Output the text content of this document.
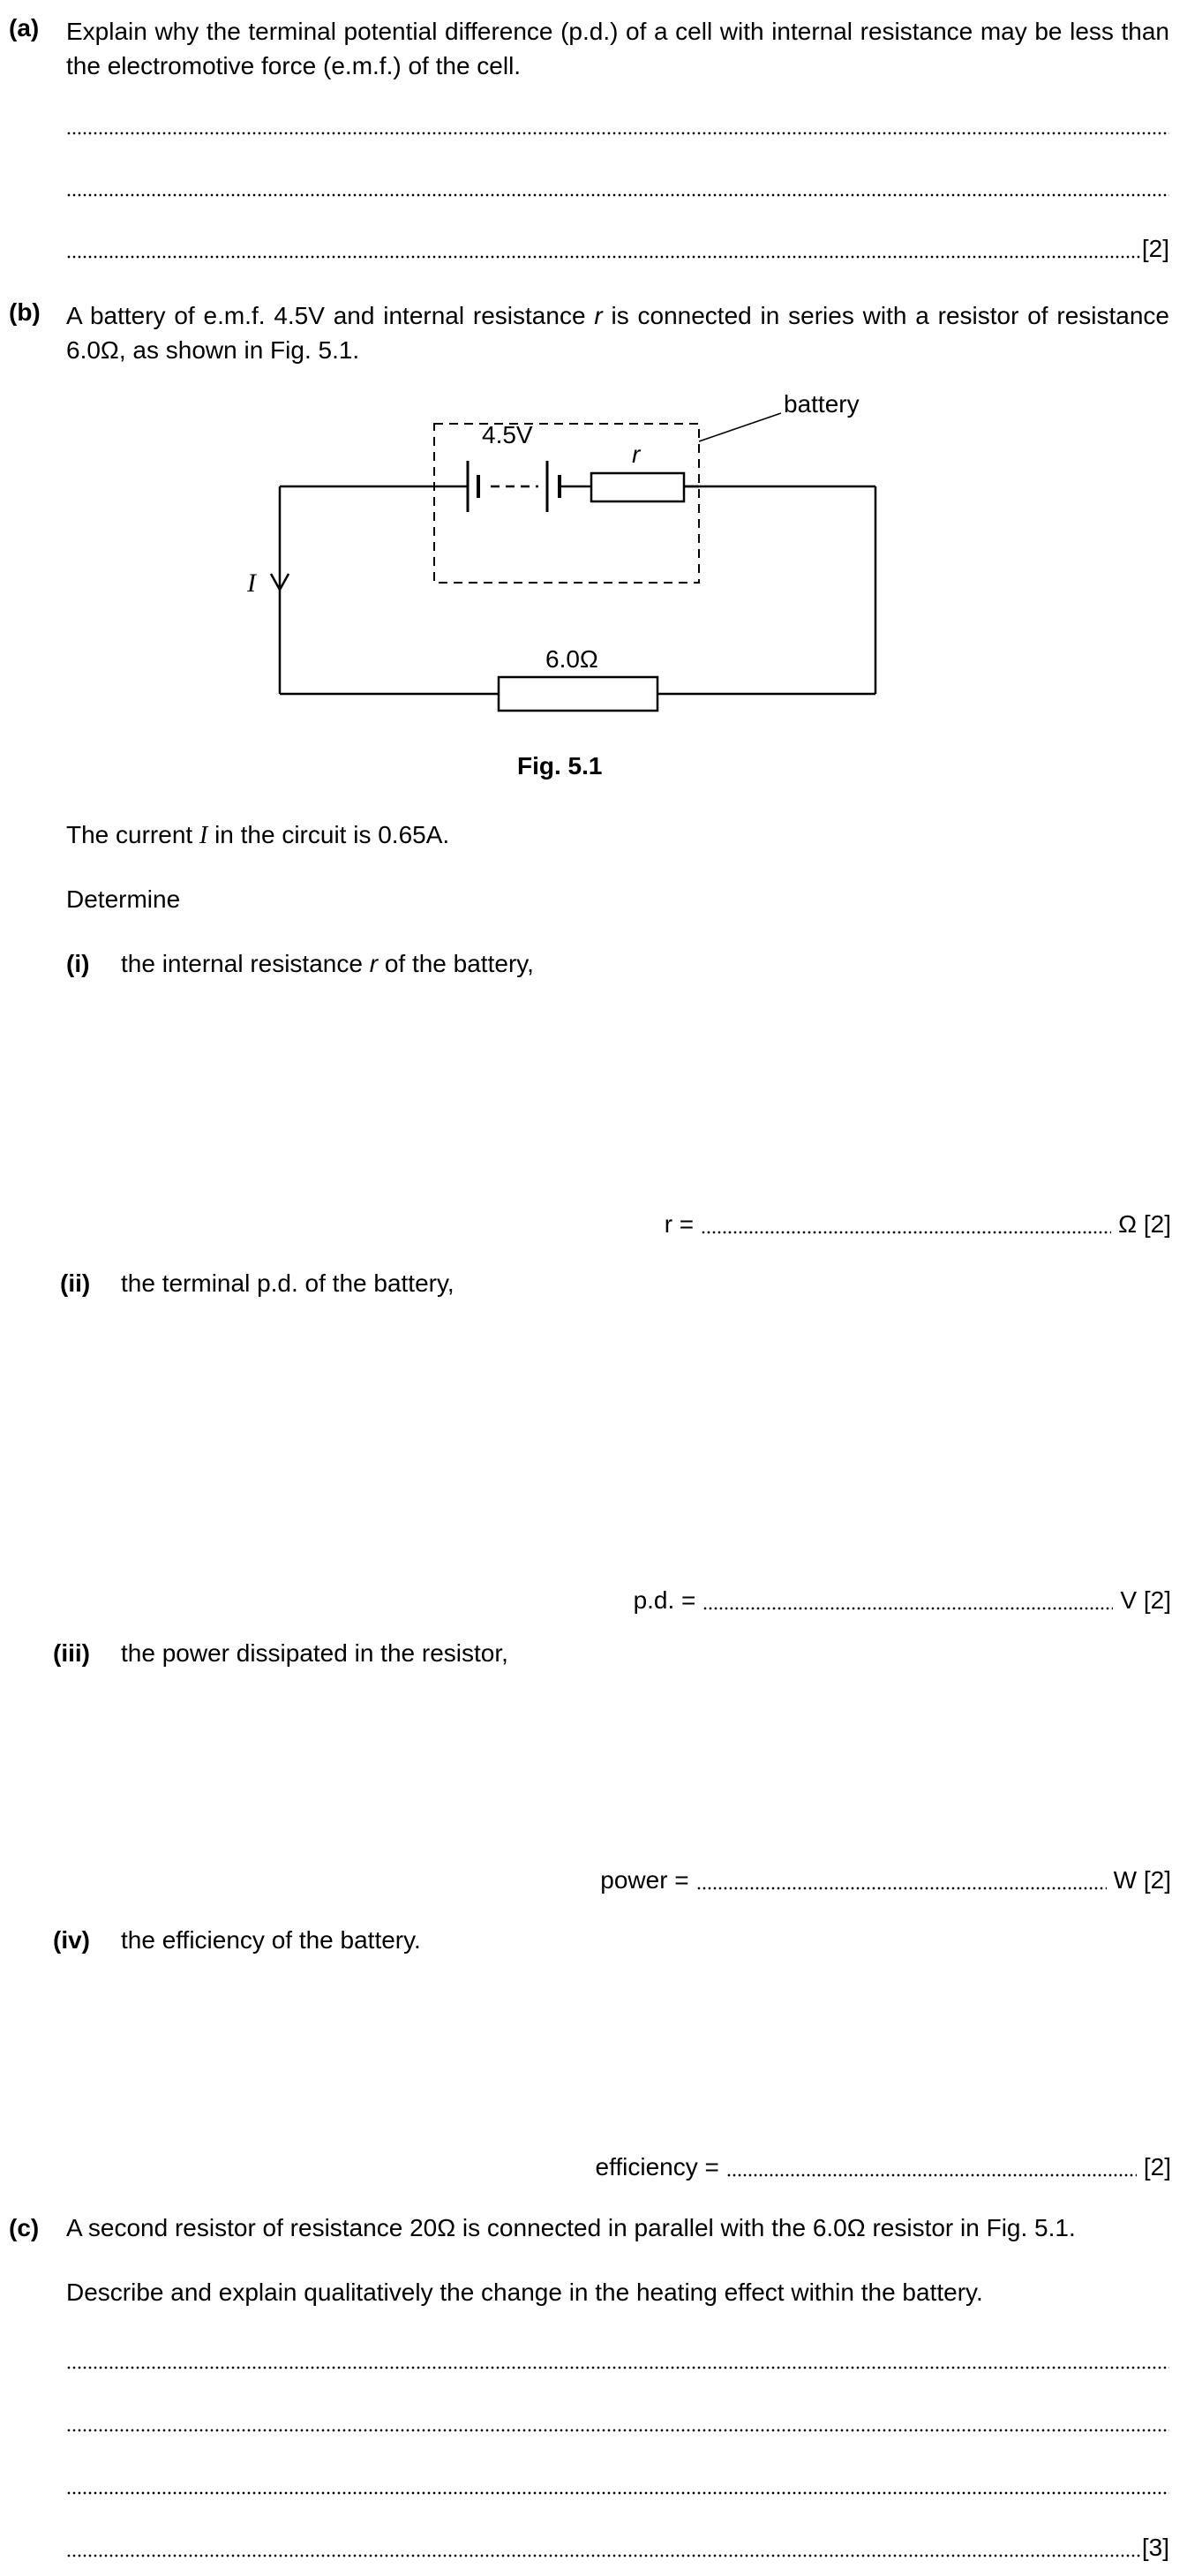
(a) Explain why the terminal potential difference (p.d.) of a cell with internal resistance may be less than the electromotive force (e.m.f.) of the cell.
[2]
(b) A battery of e.m.f. 4.5V and internal resistance r is connected in series with a resistor of resistance 6.0Ω, as shown in Fig. 5.1.
4.5V
r
battery
I
6.0Ω
Fig. 5.1
The current I in the circuit is 0.65A.
Determine
(i) the internal resistance r of the battery,
r =	Ω [2]
(ii) the terminal p.d. of the battery,
p.d. =	V [2]
(iii) the power dissipated in the resistor,
power =	W [2]
(iv) the efficiency of the battery.
efficiency =	[2]
(c) A second resistor of resistance 20Ω is connected in parallel with the 6.0Ω resistor in Fig. 5.1.
Describe and explain qualitatively the change in the heating effect within the battery.
[3]
